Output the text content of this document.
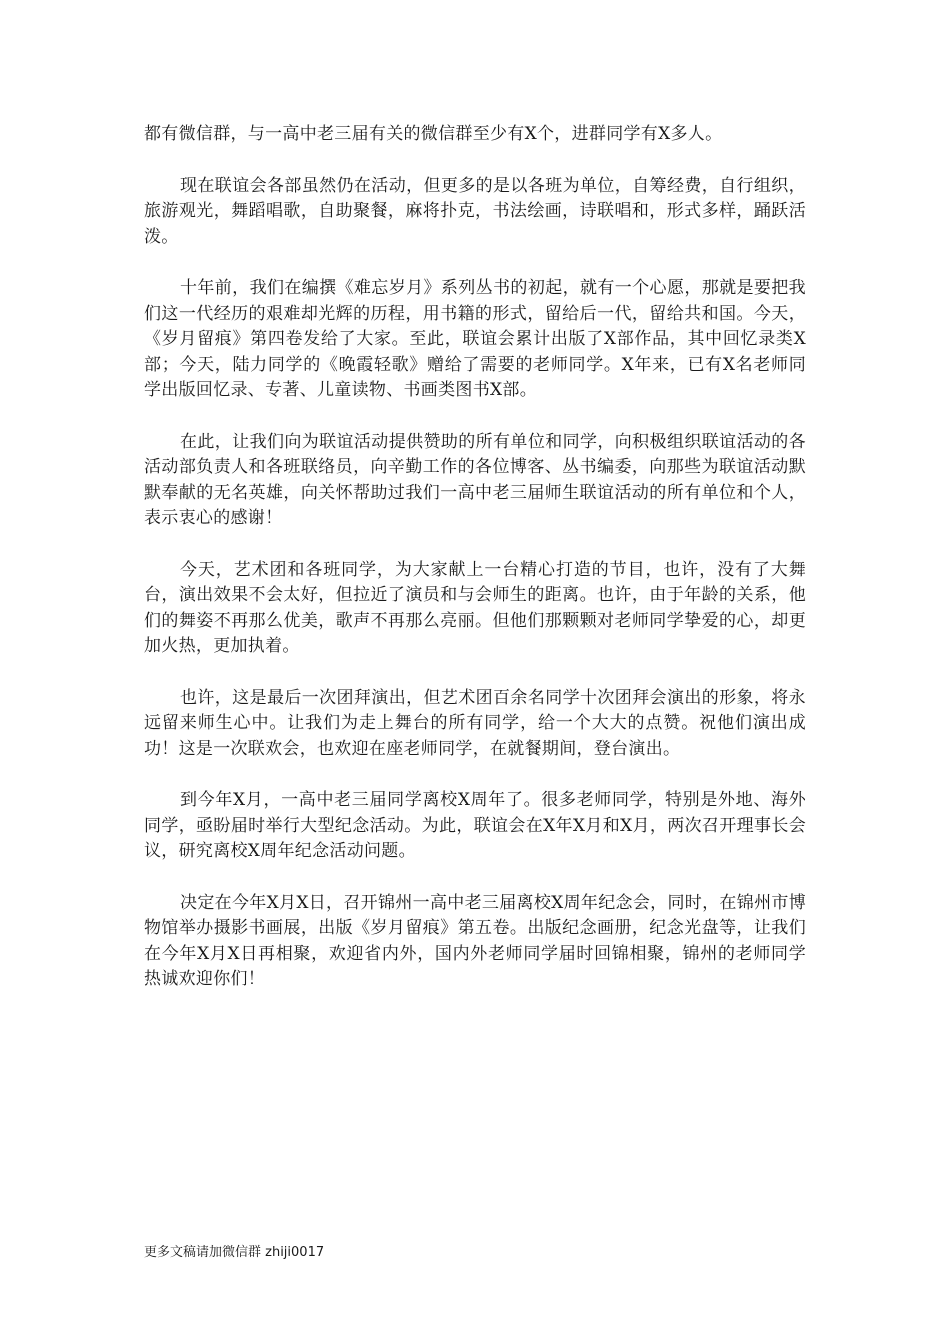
都有微信群，与一高中老三届有关的微信群至少有X个，进群同学有X多人。

现在联谊会各部虽然仍在活动，但更多的是以各班为单位，自筹经费，自行组织，旅游观光，舞蹈唱歌，自助聚餐，麻将扑克，书法绘画，诗联唱和，形式多样，踊跃活泼。

十年前，我们在编撰《难忘岁月》系列丛书的初起，就有一个心愿，那就是要把我们这一代经历的艰难却光辉的历程，用书籍的形式，留给后一代，留给共和国。今天，《岁月留痕》第四卷发给了大家。至此，联谊会累计出版了X部作品，其中回忆录类X部；今天，陆力同学的《晚霞轻歌》赠给了需要的老师同学。X年来，已有X名老师同学出版回忆录、专著、儿童读物、书画类图书X部。

在此，让我们向为联谊活动提供赞助的所有单位和同学，向积极组织联谊活动的各活动部负责人和各班联络员，向辛勤工作的各位博客、丛书编委，向那些为联谊活动默默奉献的无名英雄，向关怀帮助过我们一高中老三届师生联谊活动的所有单位和个人，表示衷心的感谢！

今天，艺术团和各班同学，为大家献上一台精心打造的节目，也许，没有了大舞台，演出效果不会太好，但拉近了演员和与会师生的距离。也许，由于年龄的关系，他们的舞姿不再那么优美，歌声不再那么亮丽。但他们那颗颗对老师同学挚爱的心，却更加火热，更加执着。

也许，这是最后一次团拜演出，但艺术团百余名同学十次团拜会演出的形象，将永远留来师生心中。让我们为走上舞台的所有同学，给一个大大的点赞。祝他们演出成功！这是一次联欢会，也欢迎在座老师同学，在就餐期间，登台演出。

到今年X月，一高中老三届同学离校X周年了。很多老师同学，特别是外地、海外同学，亟盼届时举行大型纪念活动。为此，联谊会在X年X月和X月，两次召开理事长会议，研究离校X周年纪念活动问题。

决定在今年X月X日，召开锦州一高中老三届离校X周年纪念会，同时，在锦州市博物馆举办摄影书画展，出版《岁月留痕》第五卷。出版纪念画册，纪念光盘等，让我们在今年X月X日再相聚，欢迎省内外，国内外老师同学届时回锦相聚，锦州的老师同学热诚欢迎你们！

更多文稿请加微信群 zhiji0017
